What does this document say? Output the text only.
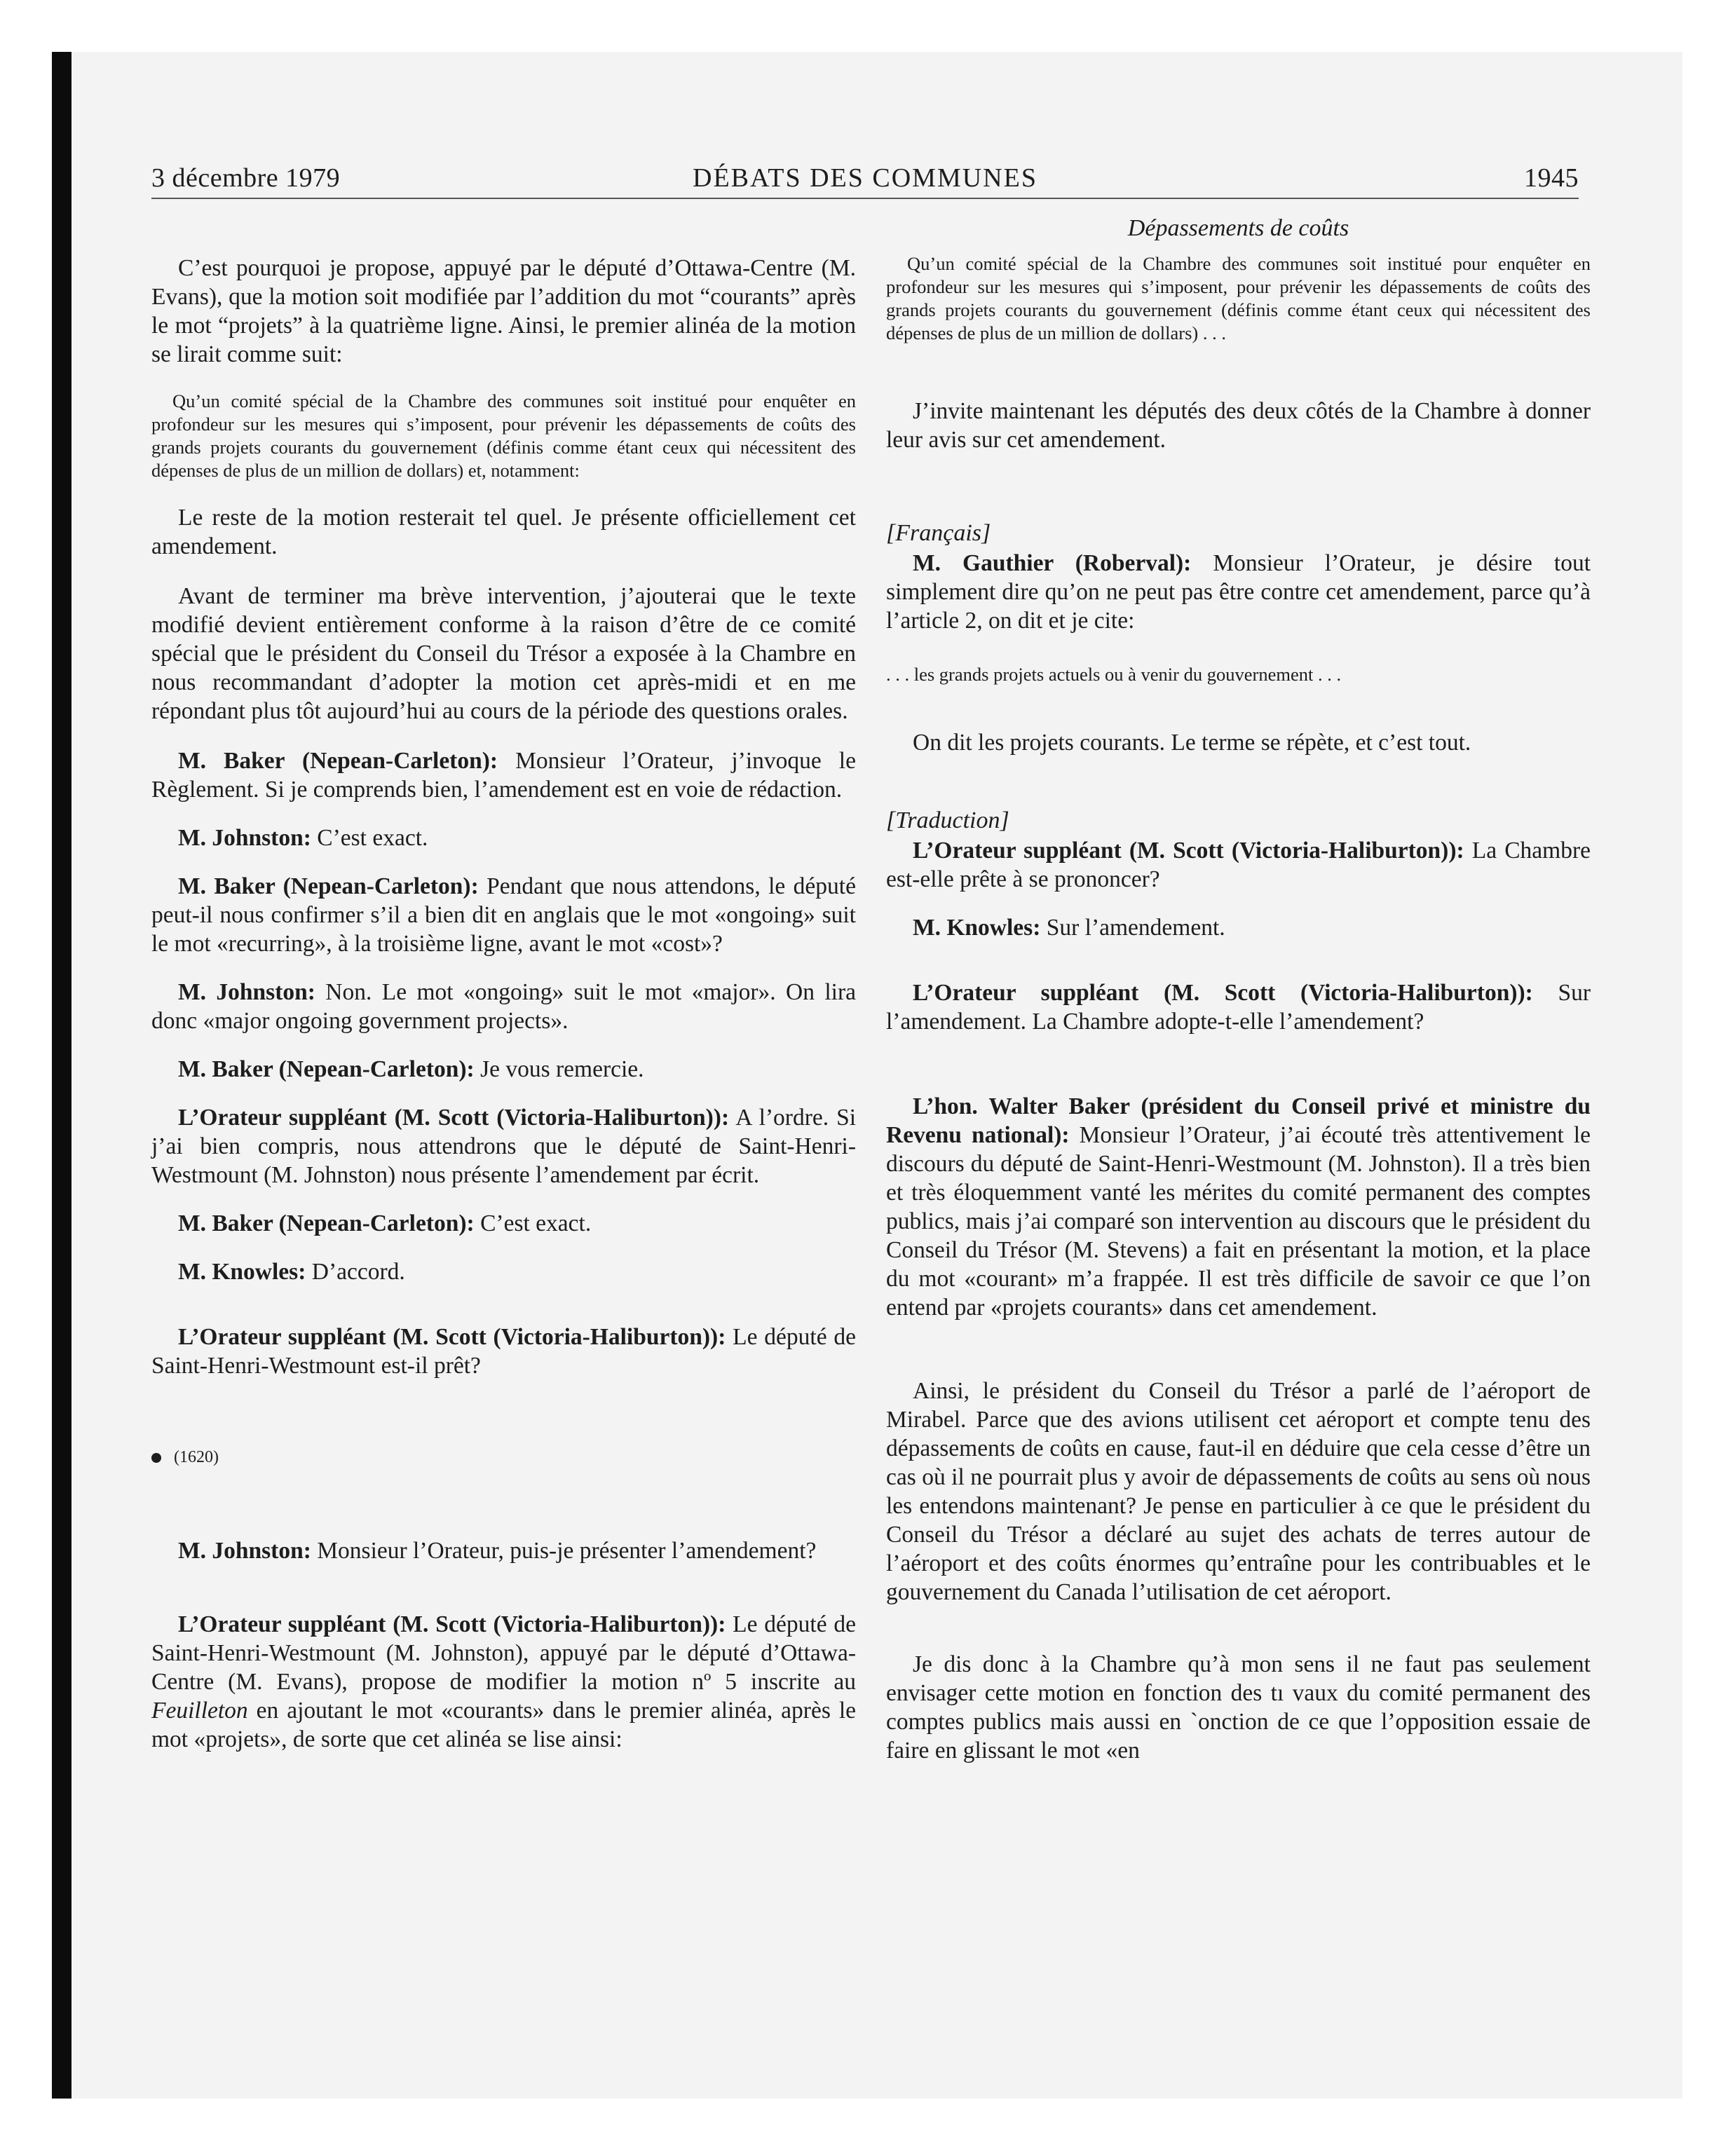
3 décembre 1979	DÉBATS DES COMMUNES	1945

C’est pourquoi je propose, appuyé par le député d’Ottawa-Centre (M. Evans), que la motion soit modifiée par l’addition du mot “courants” après le mot “projets” à la quatrième ligne. Ainsi, le premier alinéa de la motion se lirait comme suit:

Qu’un comité spécial de la Chambre des communes soit institué pour enquêter en profondeur sur les mesures qui s’imposent, pour prévenir les dépassements de coûts des grands projets courants du gouvernement (définis comme étant ceux qui nécessitent des dépenses de plus de un million de dollars) et, notamment:

Le reste de la motion resterait tel quel. Je présente officiellement cet amendement.

Avant de terminer ma brève intervention, j’ajouterai que le texte modifié devient entièrement conforme à la raison d’être de ce comité spécial que le président du Conseil du Trésor a exposée à la Chambre en nous recommandant d’adopter la motion cet après-midi et en me répondant plus tôt aujourd’hui au cours de la période des questions orales.

M. Baker (Nepean-Carleton): Monsieur l’Orateur, j’invoque le Règlement. Si je comprends bien, l’amendement est en voie de rédaction.

M. Johnston: C’est exact.

M. Baker (Nepean-Carleton): Pendant que nous attendons, le député peut-il nous confirmer s’il a bien dit en anglais que le mot «ongoing» suit le mot «recurring», à la troisième ligne, avant le mot «cost»?

M. Johnston: Non. Le mot «ongoing» suit le mot «major». On lira donc «major ongoing government projects».

M. Baker (Nepean-Carleton): Je vous remercie.

L’Orateur suppléant (M. Scott (Victoria-Haliburton)): A l’ordre. Si j’ai bien compris, nous attendrons que le député de Saint-Henri-Westmount (M. Johnston) nous présente l’amendement par écrit.

M. Baker (Nepean-Carleton): C’est exact.

M. Knowles: D’accord.

L’Orateur suppléant (M. Scott (Victoria-Haliburton)): Le député de Saint-Henri-Westmount est-il prêt?

(1620)

M. Johnston: Monsieur l’Orateur, puis-je présenter l’amendement?

L’Orateur suppléant (M. Scott (Victoria-Haliburton)): Le député de Saint-Henri-Westmount (M. Johnston), appuyé par le député d’Ottawa-Centre (M. Evans), propose de modifier la motion nº 5 inscrite au Feuilleton en ajoutant le mot «courants» dans le premier alinéa, après le mot «projets», de sorte que cet alinéa se lise ainsi:

Dépassements de coûts

Qu’un comité spécial de la Chambre des communes soit institué pour enquêter en profondeur sur les mesures qui s’imposent, pour prévenir les dépassements de coûts des grands projets courants du gouvernement (définis comme étant ceux qui nécessitent des dépenses de plus de un million de dollars) . . .

J’invite maintenant les députés des deux côtés de la Chambre à donner leur avis sur cet amendement.

[Français]

M. Gauthier (Roberval): Monsieur l’Orateur, je désire tout simplement dire qu’on ne peut pas être contre cet amendement, parce qu’à l’article 2, on dit et je cite:

. . . les grands projets actuels ou à venir du gouvernement . . .

On dit les projets courants. Le terme se répète, et c’est tout.

[Traduction]

L’Orateur suppléant (M. Scott (Victoria-Haliburton)): La Chambre est-elle prête à se prononcer?

M. Knowles: Sur l’amendement.

L’Orateur suppléant (M. Scott (Victoria-Haliburton)): Sur l’amendement. La Chambre adopte-t-elle l’amendement?

L’hon. Walter Baker (président du Conseil privé et ministre du Revenu national): Monsieur l’Orateur, j’ai écouté très attentivement le discours du député de Saint-Henri-Westmount (M. Johnston). Il a très bien et très éloquemment vanté les mérites du comité permanent des comptes publics, mais j’ai comparé son intervention au discours que le président du Conseil du Trésor (M. Stevens) a fait en présentant la motion, et la place du mot «courant» m’a frappée. Il est très difficile de savoir ce que l’on entend par «projets courants» dans cet amendement.

Ainsi, le président du Conseil du Trésor a parlé de l’aéroport de Mirabel. Parce que des avions utilisent cet aéroport et compte tenu des dépassements de coûts en cause, faut-il en déduire que cela cesse d’être un cas où il ne pourrait plus y avoir de dépassements de coûts au sens où nous les entendons maintenant? Je pense en particulier à ce que le président du Conseil du Trésor a déclaré au sujet des achats de terres autour de l’aéroport et des coûts énormes qu’entraîne pour les contribuables et le gouvernement du Canada l’utilisation de cet aéroport.

Je dis donc à la Chambre qu’à mon sens il ne faut pas seulement envisager cette motion en fonction des tı vaux du comité permanent des comptes publics mais aussi en `onction de ce que l’opposition essaie de faire en glissant le mot «en
